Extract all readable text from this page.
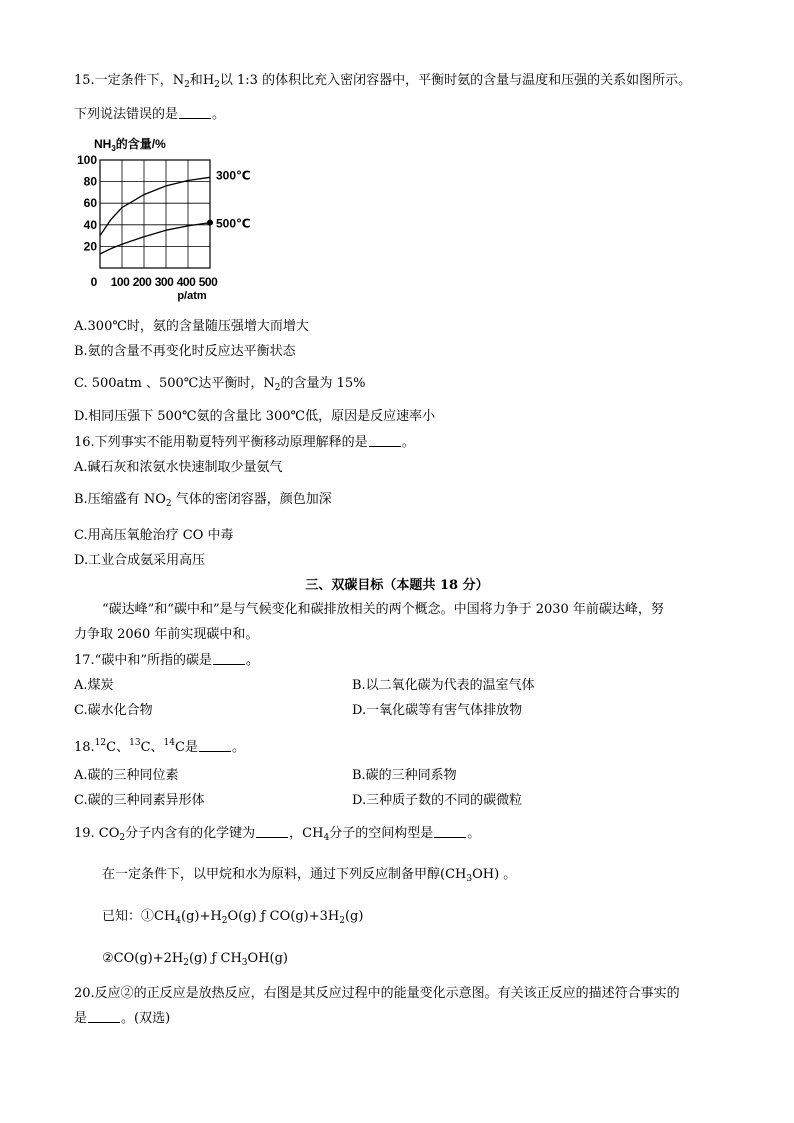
15.一定条件下，$N_2$和$H_2$以 1:3 的体积比充入密闭容器中，平衡时氨的含量与温度和压强的关系如图所示。
下列说法错误的是	。
100
80
60
40
20
0 100 200 300 400 500
p/atm
$NH_3$的含量/%
300℃
500℃
A.300℃时，氨的含量随压强增大而增大
B.氨的含量不再变化时反应达平衡状态
C. 500atm 、500℃达平衡时，$N_2$的含量为 15%
D.相同压强下 500℃氨的含量比 300℃低，原因是反应速率小
16.下列事实不能用勒夏特列平衡移动原理解释的是	。
A.碱石灰和浓氨水快速制取少量氨气
B.压缩盛有 $NO_2$ 气体的密闭容器，颜色加深
C.用高压氧舱治疗 CO 中毒
D.工业合成氨采用高压
三、双碳目标（本题共 18 分）
“碳达峰”和“碳中和”是与气候变化和碳排放相关的两个概念。中国将力争于 2030 年前碳达峰，努
力争取 2060 年前实现碳中和。
17.“碳中和”所指的碳是	。
A.煤炭	B.以二氧化碳为代表的温室气体
C.碳水化合物	D.一氧化碳等有害气体排放物
18.12C、$^{13}$C、$^{14}$C是	。
A.碳的三种同位素	B.碳的三种同系物
C.碳的三种同素异形体	D.三种质子数的不同的碳微粒
19. $CO_2$分子内含有的化学键为	，$CH_4$分子的空间构型是	。
在一定条件下，以甲烷和水为原料，通过下列反应制备甲醇$(CH_3OH)$ 。
已知：$①CH_4(g)+H_2O(g)$ ƒ $CO(g)+3H_2(g)$
$②CO(g)+2H_2(g)$ ƒ $CH_3OH(g)$
20.反应②的正反应是放热反应，右图是其反应过程中的能量变化示意图。有关该正反应的描述符合事实的
是	。(双选)
